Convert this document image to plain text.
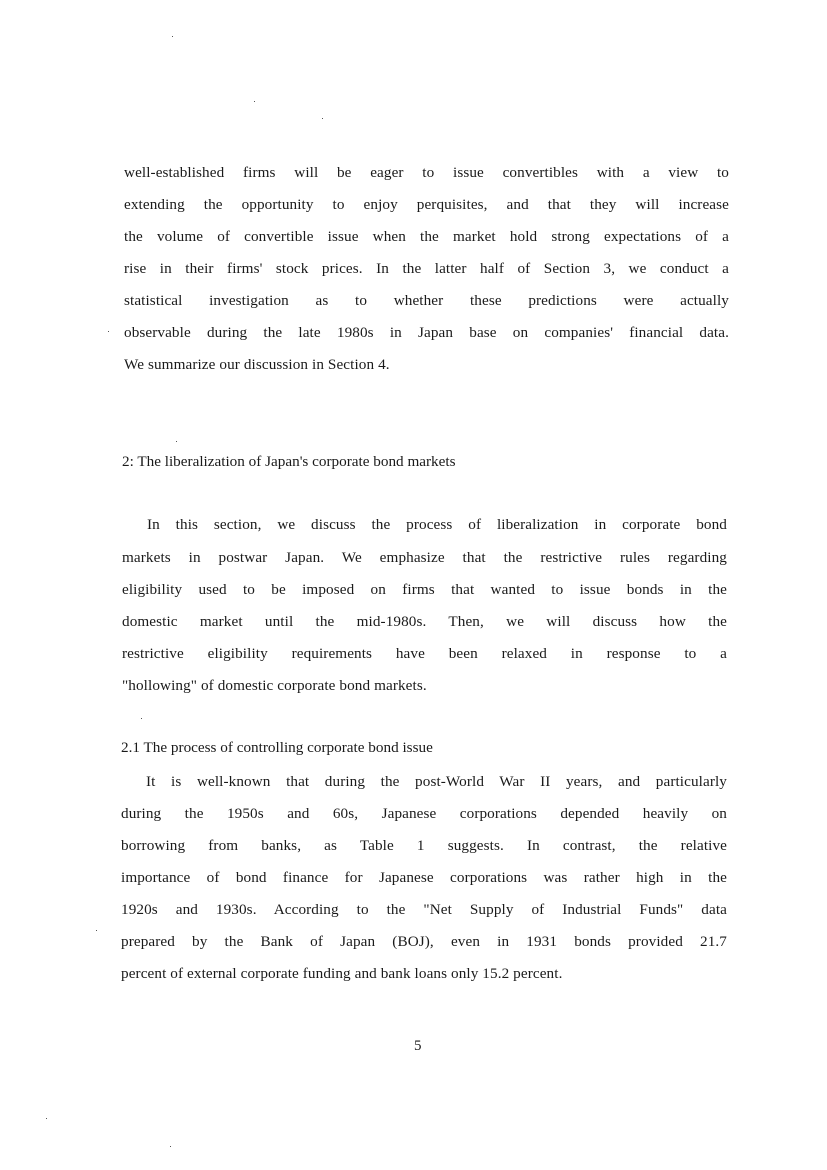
well-established firms will be eager to issue convertibles with a view to
extending the opportunity to enjoy perquisites, and that they will increase
the volume of convertible issue when the market hold strong expectations of a
rise in their firms' stock prices. In the latter half of Section 3, we conduct a
statistical investigation as to whether these predictions were actually
observable during the late 1980s in Japan base on companies' financial data.
We summarize our discussion in Section 4.
2: The liberalization of Japan's corporate bond markets
In this section, we discuss the process of liberalization in corporate bond
markets in postwar Japan. We emphasize that the restrictive rules regarding
eligibility used to be imposed on firms that wanted to issue bonds in the
domestic market until the mid-1980s. Then, we will discuss how the
restrictive eligibility requirements have been relaxed in response to a
"hollowing" of domestic corporate bond markets.
2.1 The process of controlling corporate bond issue
It is well-known that during the post-World War II years, and particularly
during the 1950s and 60s, Japanese corporations depended heavily on
borrowing from banks, as Table 1 suggests. In contrast, the relative
importance of bond finance for Japanese corporations was rather high in the
1920s and 1930s. According to the "Net Supply of Industrial Funds" data
prepared by the Bank of Japan (BOJ), even in 1931 bonds provided 21.7
percent of external corporate funding and bank loans only 15.2 percent.
5
